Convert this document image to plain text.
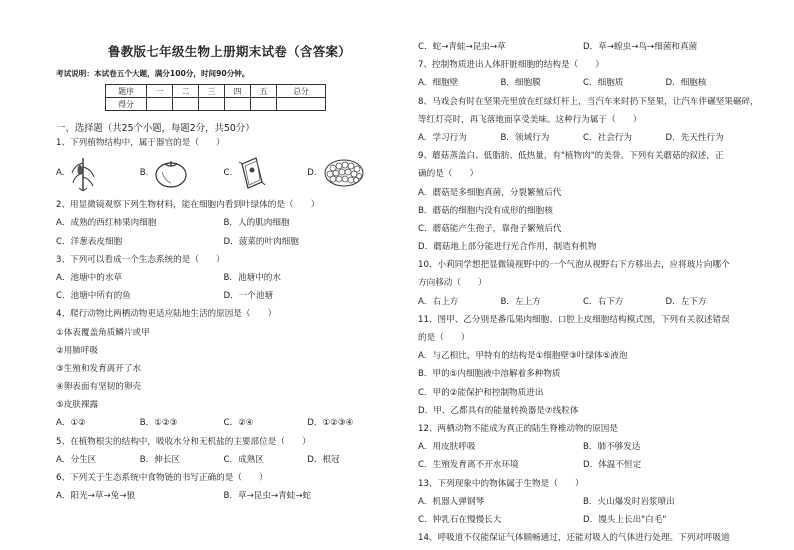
鲁教版七年级生物上册期末试卷（含答案）
考试说明：本试卷五个大题，满分100分，时间90分钟。
题序	一	二	三	四	五	总分
得分						
一、选择题（共25个小题，每题2分，共50分）
1、下列植物结构中，属于器官的是（　　）
A.	B.	C.	D.
2、用显微镜观察下列生物材料，能在细胞内看到叶绿体的是（　　）
A．成熟的西红柿果肉细胞	B．人的肌肉细胞
C．洋葱表皮细胞	D．菠菜的叶肉细胞
3、下列可以看成一个生态系统的是（　　）
A．池塘中的水草	B．池塘中的水
C．池塘中所有的鱼	D．一个池塘
4、爬行动物比两栖动物更适应陆地生活的原因是（　　）
①体表覆盖角质鳞片或甲
②用肺呼吸
③生殖和发育离开了水
④卵表面有坚韧的卵壳
⑤皮肤裸露
A．①②	B．①②③	C．②④	D．①②③④
5、在植物根尖的结构中，吸收水分和无机盐的主要部位是（　　）
A．分生区	B．伸长区	C．成熟区	D．根冠
6、下列关于生态系统中食物链的书写正确的是（　　）
A．阳光→草→兔→狼	B．草→昆虫→青蛙→蛇
C．蛇→青蛙→昆虫→草	D．草→蝗虫→鸟→细菌和真菌
7、控制物质进出人体肝脏细胞的结构是（　　）
A．细胞壁	B．细胞膜	C．细胞质	D．细胞核
8、马戏会有时在坚果壳里放在红绿灯杆上，当汽车来时扔下坚果，让汽车伴碾坚果碾碎，
等红灯亮时，再飞落地面享受美味。这种行为属于（　　）
A．学习行为	B．领域行为	C．社会行为	D．先天性行为
9、蘑菇蒸盖白、低脂肪、低热量，有"植物肉"的美誉。下列有关蘑菇的叙述，正
确的是（　　）
A．蘑菇是多细胞真菌，分裂繁殖后代
B．蘑菇的细胞内没有成形的细胞核
C．蘑菇能产生孢子，靠孢子繁殖后代
D．蘑菇地上部分能进行光合作用，制造有机物
10、小莉同学想把显微镜视野中的一个气泡从视野右下方移出去，应将玻片向哪个
方向移动（　　）
A．右上方	B．左上方	C．右下方	D．左下方
11、图甲、乙分别是番瓜果肉细胞、口腔上皮细胞结构模式图，下列有关叙述错误
的是（　　）
A．与乙相比，甲特有的结构是①细胞壁③叶绿体⑤液泡
B．甲的⑤内细胞液中溶解着多种物质
C．甲的②能保护和控制物质进出
D．甲、乙都具有的能量转换器是⑦线粒体
12、两栖动物不能成为真正的陆生脊椎动物的原因是
A．用皮肤呼吸	B．肺不够发达
C．生殖发育离不开水环境	D．体温不恒定
13、下列现象中的物体属于生物是（　　）
A．机器人弹钢琴	B．火山爆发时岩浆喷出
C．钟乳石在慢慢长大	D．馒头上长出"白毛"
14、呼吸道不仅能保证气体顺畅通过，还能对吸入的气体进行处理。下列对呼吸道
